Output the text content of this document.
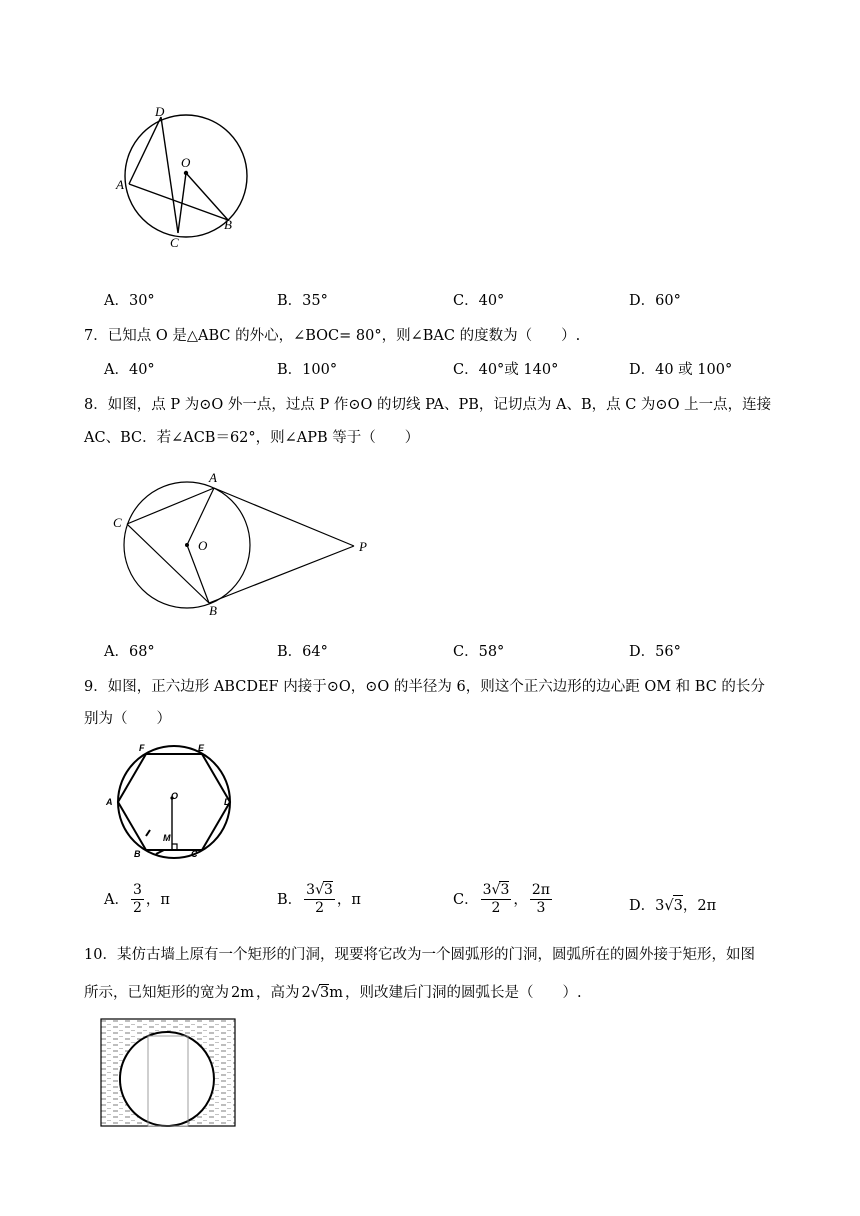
D
O
A
C
B
A．30°	B．35°	C．40°	D．60°
7．已知点 O 是△ABC 的外心，∠BOC= 80°，则∠BAC 的度数为（　　）.
A．40°	B．100°	C．40°或 140°	D．40 或 100°
8．如图，点 P 为⊙O 外一点，过点 P 作⊙O 的切线 PA、PB，记切点为 A、B，点 C 为⊙O 上一点，连接
AC、BC．若∠ACB＝62°，则∠APB 等于（　　）
A
C
O	P
B
A．68°	B．64°	C．58°	D．56°
9．如图，正六边形 ABCDEF 内接于⊙O，⊙O 的半径为 6，则这个正六边形的边心距 OM 和 BC 的长分
别为（　　）
F	E
A
O
D
M
B	C
A． $\frac{3}{2}$ ，π	B． $\frac{3√3}{2}$ ，π	C． $\frac{3√3}{2}$ ， $\frac{2\pi}{3}$	D． 3 √ 3 ，2π
10．某仿古墙上原有一个矩形的门洞，现要将它改为一个圆弧形的门洞，圆弧所在的圆外接于矩形，如图
所示，已知矩形的宽为 2m ，高为 2√3m ，则改建后门洞的圆弧长是（　　）.
